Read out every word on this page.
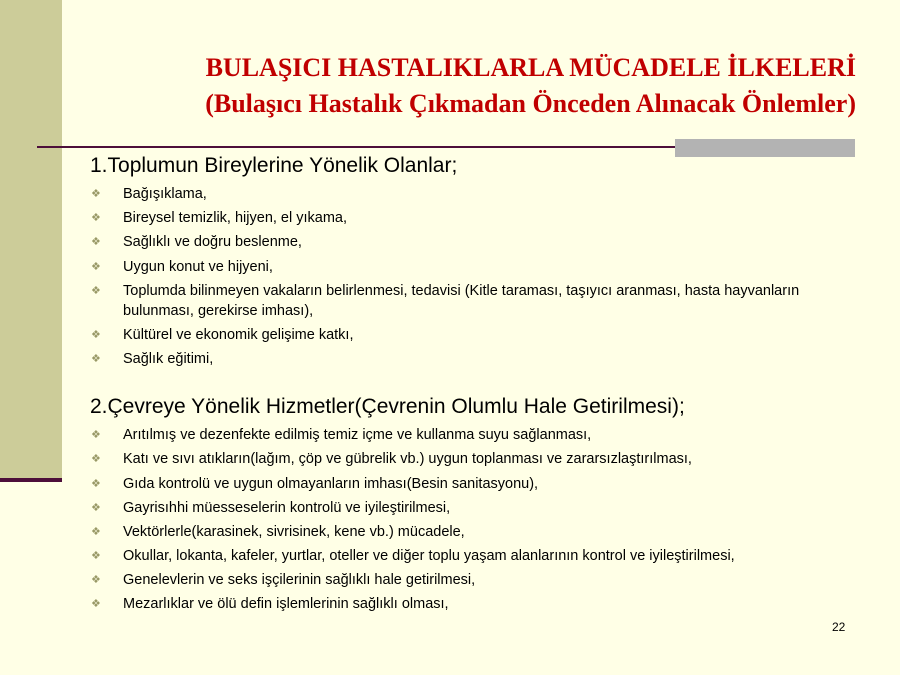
BULAŞICI HASTALIKLARLA MÜCADELE İLKELERİ
(Bulaşıcı Hastalık Çıkmadan Önceden Alınacak Önlemler)
1.Toplumun Bireylerine Yönelik Olanlar;
❖ Bağışıklama,
❖ Bireysel temizlik, hijyen, el yıkama,
❖ Sağlıklı ve doğru beslenme,
❖ Uygun konut ve hijyeni,
❖ Toplumda bilinmeyen vakaların belirlenmesi, tedavisi (Kitle taraması, taşıyıcı aranması, hasta hayvanların bulunması, gerekirse imhası),
❖ Kültürel ve ekonomik gelişime katkı,
❖ Sağlık eğitimi,
2.Çevreye Yönelik Hizmetler(Çevrenin Olumlu Hale Getirilmesi);
❖ Arıtılmış ve dezenfekte edilmiş temiz içme ve kullanma suyu sağlanması,
❖ Katı ve sıvı atıkların(lağım, çöp ve gübrelik vb.) uygun toplanması ve zararsızlaştırılması,
❖ Gıda kontrolü ve uygun olmayanların imhası(Besin sanitasyonu),
❖ Gayrisıhhi müesseselerin kontrolü ve iyileştirilmesi,
❖ Vektörlerle(karasinek, sivrisinek, kene vb.) mücadele,
❖ Okullar, lokanta, kafeler, yurtlar, oteller ve diğer toplu yaşam alanlarının kontrol ve iyileştirilmesi,
❖ Genelevlerin ve seks işçilerinin sağlıklı hale getirilmesi,
❖ Mezarlıklar ve ölü defin işlemlerinin sağlıklı olması,
22
